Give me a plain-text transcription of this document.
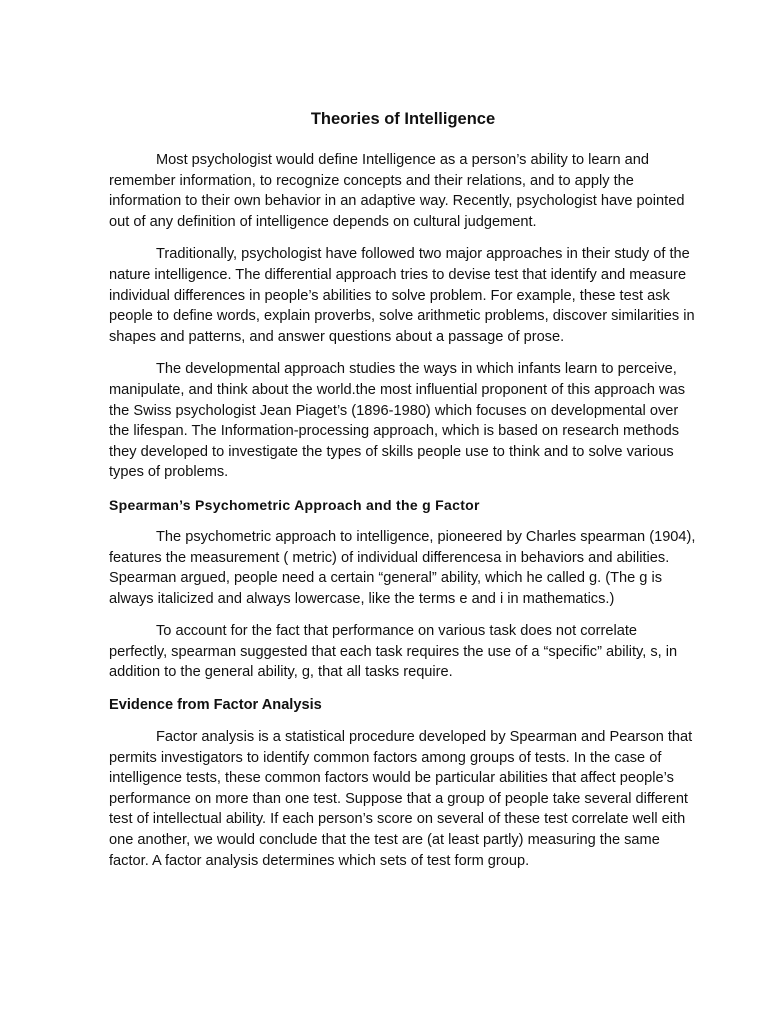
Theories of Intelligence

Most psychologist would define Intelligence as a person’s ability to learn and remember information, to recognize concepts and their relations, and to apply the information to their own behavior in an adaptive way. Recently, psychologist have pointed out of any definition of intelligence depends on cultural judgement.

Traditionally, psychologist have followed two major approaches in their study of the nature intelligence. The differential approach tries to devise test that identify and measure individual differences in people’s abilities to solve problem. For example, these test ask people to define words, explain proverbs, solve arithmetic problems, discover similarities in shapes and patterns, and answer questions about a passage of prose.

The developmental approach studies the ways in which infants learn to perceive, manipulate, and think about the world.the most influential proponent of this approach was the Swiss psychologist Jean Piaget’s (1896-1980) which focuses on developmental over the lifespan. The Information-processing approach, which is based on research methods they developed to investigate the types of skills people use to think and to solve various types of problems.

Spearman’s Psychometric Approach and the g Factor

The psychometric approach to intelligence, pioneered by Charles spearman (1904), features the measurement ( metric) of individual differencesa in behaviors and abilities. Spearman argued, people need a certain “general” ability, which he called g. (The g is always italicized and always lowercase, like the terms e and i in mathematics.)

To account for the fact that performance on various task does not correlate perfectly, spearman suggested that each task requires the use of a “specific” ability, s, in addition to the general ability, g, that all tasks require.

Evidence from Factor Analysis

Factor analysis is a statistical procedure developed by Spearman and Pearson that permits investigators to identify common factors among groups of tests. In the case of intelligence tests, these common factors would be particular abilities that affect people’s performance on more than one test. Suppose that a group of people take several different test of intellectual ability. If each person’s score on several of these test correlate well eith one another, we would conclude that the test are (at least partly) measuring the same factor. A factor analysis determines which sets of test form group.
